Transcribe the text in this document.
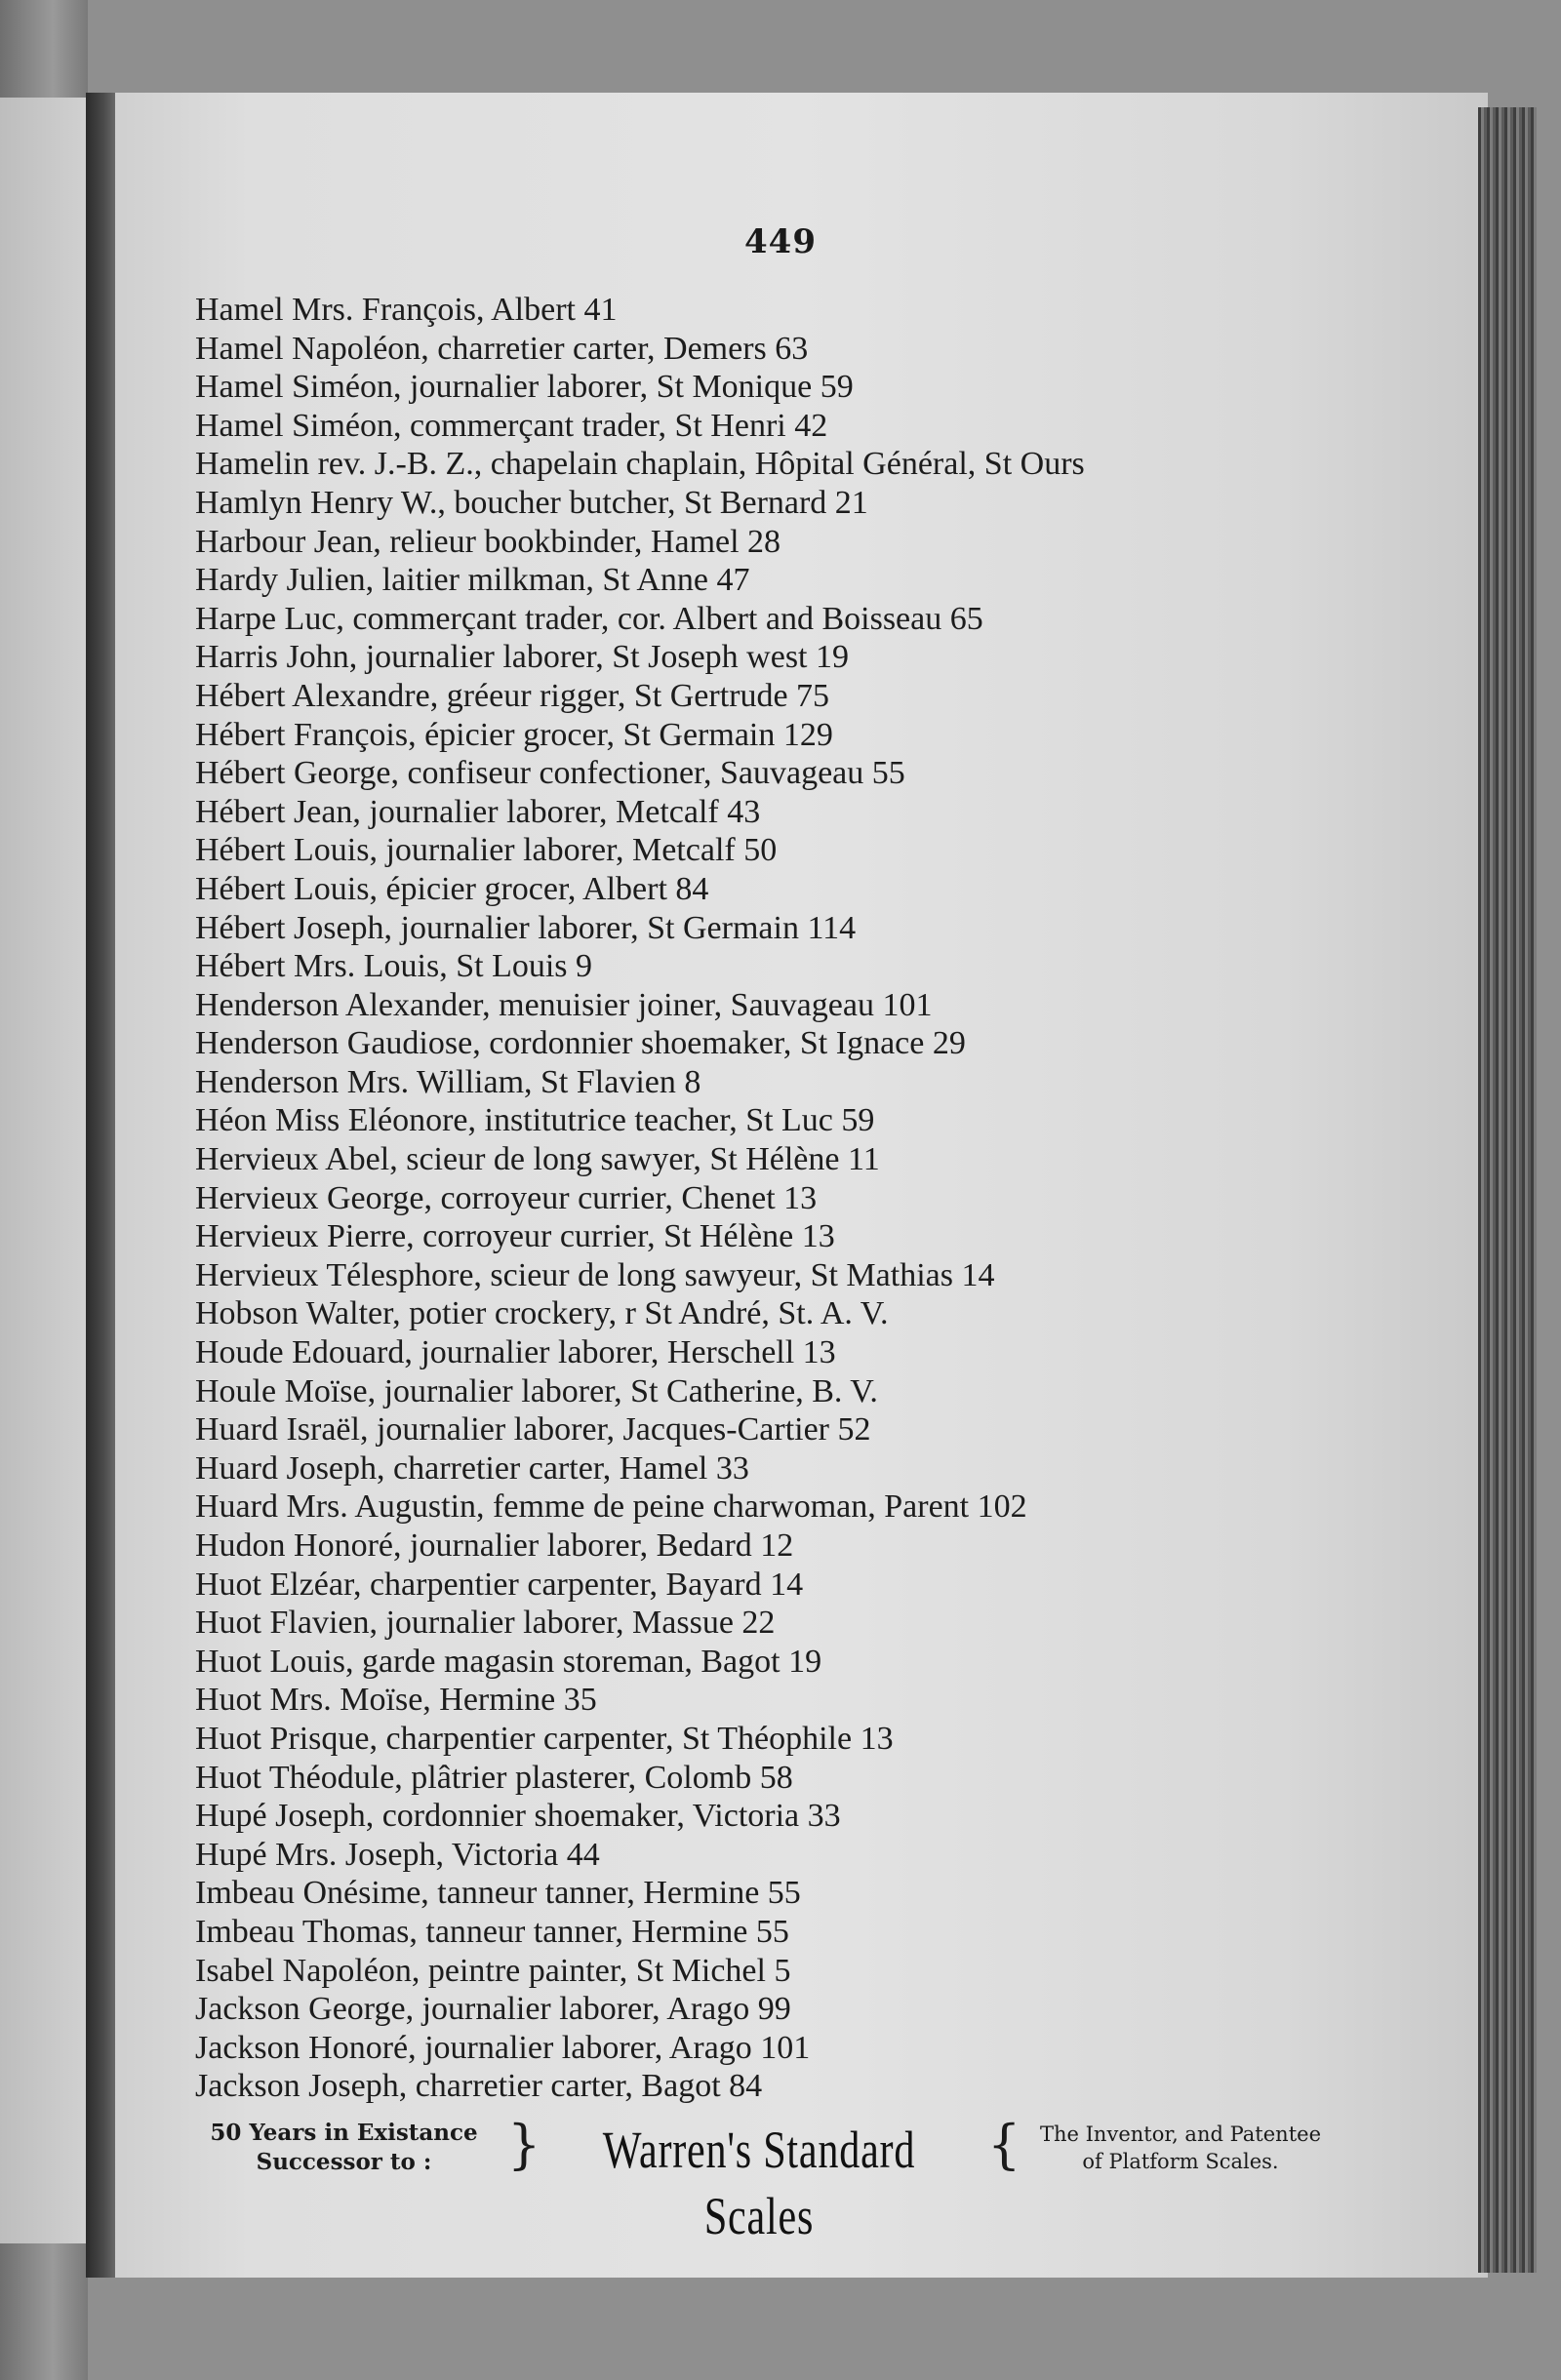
449
Hamel Mrs. François, Albert 41
Hamel Napoléon, charretier carter, Demers 63
Hamel Siméon, journalier laborer, St Monique 59
Hamel Siméon, commerçant trader, St Henri 42
Hamelin rev. J.-B. Z., chapelain chaplain, Hôpital Général, St Ours
Hamlyn Henry W., boucher butcher, St Bernard 21
Harbour Jean, relieur bookbinder, Hamel 28
Hardy Julien, laitier milkman, St Anne 47
Harpe Luc, commerçant trader, cor. Albert and Boisseau 65
Harris John, journalier laborer, St Joseph west 19
Hébert Alexandre, gréeur rigger, St Gertrude 75
Hébert François, épicier grocer, St Germain 129
Hébert George, confiseur confectioner, Sauvageau 55
Hébert Jean, journalier laborer, Metcalf 43
Hébert Louis, journalier laborer, Metcalf 50
Hébert Louis, épicier grocer, Albert 84
Hébert Joseph, journalier laborer, St Germain 114
Hébert Mrs. Louis, St Louis 9
Henderson Alexander, menuisier joiner, Sauvageau 101
Henderson Gaudiose, cordonnier shoemaker, St Ignace 29
Henderson Mrs. William, St Flavien 8
Héon Miss Eléonore, institutrice teacher, St Luc 59
Hervieux Abel, scieur de long sawyer, St Hélène 11
Hervieux George, corroyeur currier, Chenet 13
Hervieux Pierre, corroyeur currier, St Hélène 13
Hervieux Télesphore, scieur de long sawyeur, St Mathias 14
Hobson Walter, potier crockery, r St André, St. A. V.
Houde Edouard, journalier laborer, Herschell 13
Houle Moïse, journalier laborer, St Catherine, B. V.
Huard Israël, journalier laborer, Jacques-Cartier 52
Huard Joseph, charretier carter, Hamel 33
Huard Mrs. Augustin, femme de peine charwoman, Parent 102
Hudon Honoré, journalier laborer, Bedard 12
Huot Elzéar, charpentier carpenter, Bayard 14
Huot Flavien, journalier laborer, Massue 22
Huot Louis, garde magasin storeman, Bagot 19
Huot Mrs. Moïse, Hermine 35
Huot Prisque, charpentier carpenter, St Théophile 13
Huot Théodule, plâtrier plasterer, Colomb 58
Hupé Joseph, cordonnier shoemaker, Victoria 33
Hupé Mrs. Joseph, Victoria 44
Imbeau Onésime, tanneur tanner, Hermine 55
Imbeau Thomas, tanneur tanner, Hermine 55
Isabel Napoléon, peintre painter, St Michel 5
Jackson George, journalier laborer, Arago 99
Jackson Honoré, journalier laborer, Arago 101
Jackson Joseph, charretier carter, Bagot 84
50 Years in Existance
Successor to :	}	Warren's Standard Scales
{ The Inventor, and Patentee
of Platform Scales.
